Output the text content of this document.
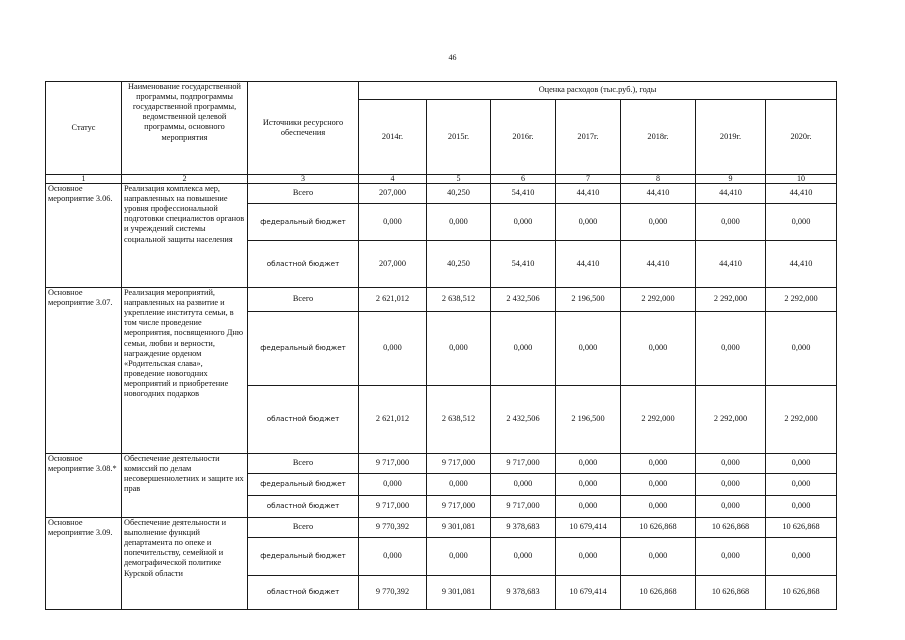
46
Статус	Наименование государственной программы, подпрограммы государственной программы, ведомственной целевой программы, основного мероприятия	Источники ресурсного обеспечения	Оценка расходов (тыс.руб.), годы						
			2014г.	2015г.	2016г.	2017г.	2018г.	2019г.	2020г.
1	2	3	4	5	6	7	8	9	10
Основное мероприятие 3.06.	Реализация комплекса мер, направленных на повышение уровня профессиональной подготовки специалистов органов и учреждений системы социальной защиты населения	Всего	207,000	40,250	54,410	44,410	44,410	44,410	44,410
		федеральный бюджет	0,000	0,000	0,000	0,000	0,000	0,000	0,000
		областной бюджет	207,000	40,250	54,410	44,410	44,410	44,410	44,410
Основное мероприятие 3.07.	Реализация мероприятий, направленных на развитие и укрепление института семьи, в том числе проведение мероприятия, посвященного Дню семьи, любви и верности, награждение орденом «Родительская слава», проведение новогодних мероприятий и приобретение новогодних подарков	Всего	2 621,012	2 638,512	2 432,506	2 196,500	2 292,000	2 292,000	2 292,000
		федеральный бюджет	0,000	0,000	0,000	0,000	0,000	0,000	0,000
		областной бюджет	2 621,012	2 638,512	2 432,506	2 196,500	2 292,000	2 292,000	2 292,000
Основное мероприятие 3.08.*	Обеспечение деятельности комиссий по делам несовершеннолетних и защите их прав	Всего	9 717,000	9 717,000	9 717,000	0,000	0,000	0,000	0,000
		федеральный бюджет	0,000	0,000	0,000	0,000	0,000	0,000	0,000
		областной бюджет	9 717,000	9 717,000	9 717,000	0,000	0,000	0,000	0,000
Основное мероприятие 3.09.	Обеспечение деятельности и выполнение функций департамента по опеке и попечительству, семейной и демографической политике Курской области	Всего	9 770,392	9 301,081	9 378,683	10 679,414	10 626,868	10 626,868	10 626,868
		федеральный бюджет	0,000	0,000	0,000	0,000	0,000	0,000	0,000
		областной бюджет	9 770,392	9 301,081	9 378,683	10 679,414	10 626,868	10 626,868	10 626,868
